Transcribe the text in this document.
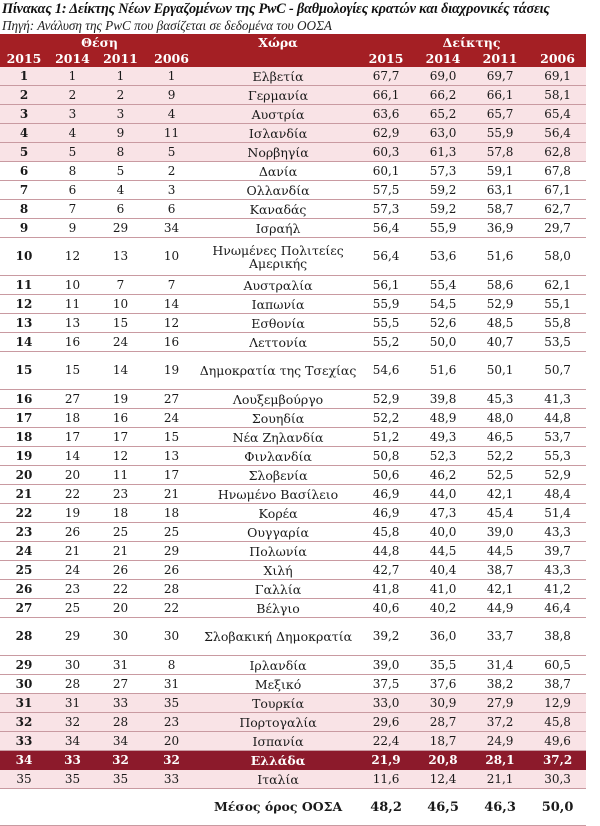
Πίνακας 1: Δείκτης Νέων Εργαζομένων της PwC - βαθμολογίες κρατών και διαχρονικές τάσεις
Πηγή: Ανάλυση της PwC που βασίζεται σε δεδομένα του ΟΟΣΑ
Θέση				Χώρα	Δείκτης			
2015	2014	2011	2006		2015	2014	2011	2006
1	1	1	1	Ελβετία	67,7	69,0	69,7	69,1
2	2	2	9	Γερμανία	66,1	66,2	66,1	58,1
3	3	3	4	Αυστρία	63,6	65,2	65,7	65,4
4	4	9	11	Ισλανδία	62,9	63,0	55,9	56,4
5	5	8	5	Νορβηγία	60,3	61,3	57,8	62,8
6	8	5	2	Δανία	60,1	57,3	59,1	67,8
7	6	4	3	Ολλανδία	57,5	59,2	63,1	67,1
8	7	6	6	Καναδάς	57,3	59,2	58,7	62,7
9	9	29	34	Ισραήλ	56,4	55,9	36,9	29,7
10	12	13	10	Ηνωμένες Πολιτείες Αμερικής	56,4	53,6	51,6	58,0
11	10	7	7	Αυστραλία	56,1	55,4	58,6	62,1
12	11	10	14	Ιαπωνία	55,9	54,5	52,9	55,1
13	13	15	12	Εσθονία	55,5	52,6	48,5	55,8
14	16	24	16	Λεττονία	55,2	50,0	40,7	53,5
15	15	14	19	Δημοκρατία της Τσεχίας	54,6	51,6	50,1	50,7
16	27	19	27	Λουξεμβούργο	52,9	39,8	45,3	41,3
17	18	16	24	Σουηδία	52,2	48,9	48,0	44,8
18	17	17	15	Νέα Ζηλανδία	51,2	49,3	46,5	53,7
19	14	12	13	Φινλανδία	50,8	52,3	52,2	55,3
20	20	11	17	Σλοβενία	50,6	46,2	52,5	52,9
21	22	23	21	Ηνωμένο Βασίλειο	46,9	44,0	42,1	48,4
22	19	18	18	Κορέα	46,9	47,3	45,4	51,4
23	26	25	25	Ουγγαρία	45,8	40,0	39,0	43,3
24	21	21	29	Πολωνία	44,8	44,5	44,5	39,7
25	24	26	26	Χιλή	42,7	40,4	38,7	43,3
26	23	22	28	Γαλλία	41,8	41,0	42,1	41,2
27	25	20	22	Βέλγιο	40,6	40,2	44,9	46,4
28	29	30	30	Σλοβακική Δημοκρατία	39,2	36,0	33,7	38,8
29	30	31	8	Ιρλανδία	39,0	35,5	31,4	60,5
30	28	27	31	Μεξικό	37,5	37,6	38,2	38,7
31	31	33	35	Τουρκία	33,0	30,9	27,9	12,9
32	32	28	23	Πορτογαλία	29,6	28,7	37,2	45,8
33	34	34	20	Ισπανία	22,4	18,7	24,9	49,6
34	33	32	32	Ελλάδα	21,9	20,8	28,1	37,2
35	35	35	33	Ιταλία	11,6	12,4	21,1	30,3
				Μέσος όρος ΟΟΣΑ	48,2	46,5	46,3	50,0
